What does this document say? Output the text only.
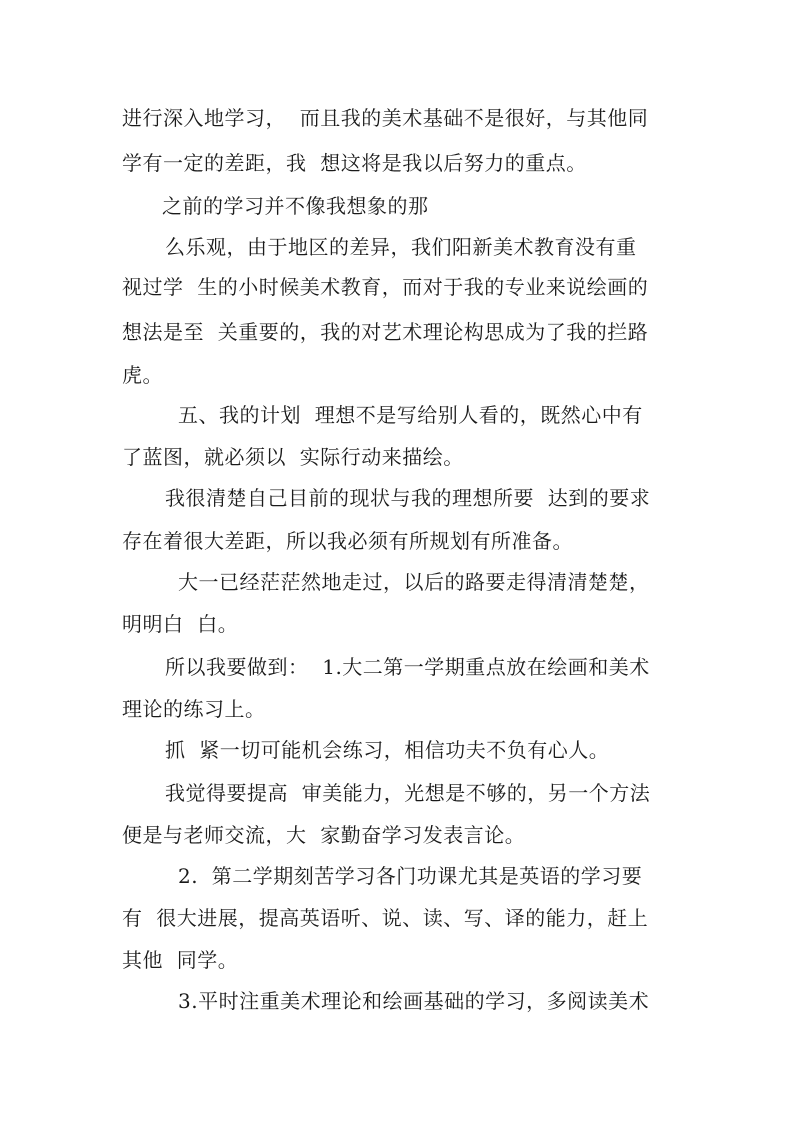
进行深入地学习，  而且我的美术基础不是很好，与其他同

学有一定的差距，我  想这将是我以后努力的重点。

之前的学习并不像我想象的那

么乐观，由于地区的差异，我们阳新美术教育没有重

视过学  生的小时候美术教育，而对于我的专业来说绘画的

想法是至  关重要的，我的对艺术理论构思成为了我的拦路

虎。

五、我的计划  理想不是写给别人看的，既然心中有

了蓝图，就必须以  实际行动来描绘。

我很清楚自己目前的现状与我的理想所要  达到的要求

存在着很大差距，所以我必须有所规划有所准备。

大一已经茫茫然地走过，以后的路要走得清清楚楚，

明明白  白。

所以我要做到：  1.大二第一学期重点放在绘画和美术

理论的练习上。

抓  紧一切可能机会练习，相信功夫不负有心人。

我觉得要提高  审美能力，光想是不够的，另一个方法

便是与老师交流，大  家勤奋学习发表言论。

2.  第二学期刻苦学习各门功课尤其是英语的学习要

有  很大进展，提高英语听、说、读、写、译的能力，赶上

其他  同学。

3.平时注重美术理论和绘画基础的学习，多阅读美术
